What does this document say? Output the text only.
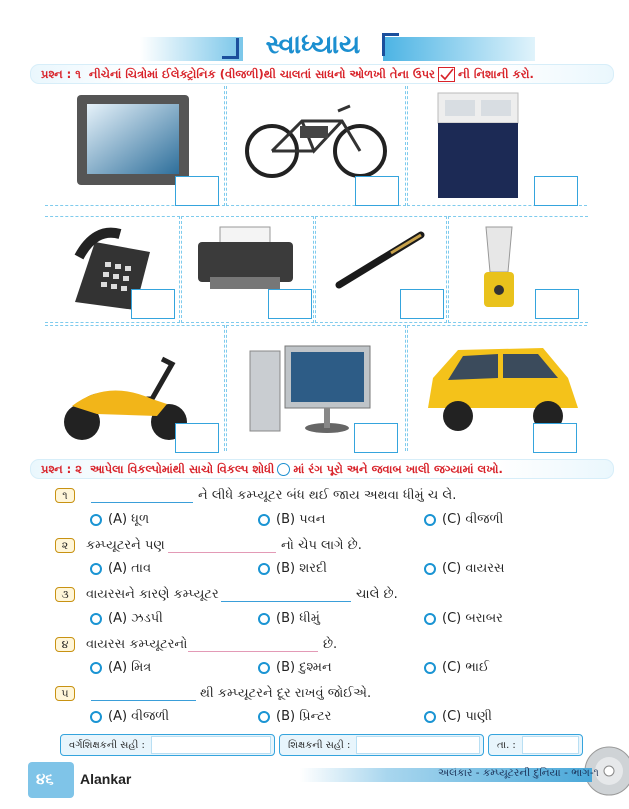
સ્વાધ્યાય
પ્રશ્ન : ૧
નીચેનાં ચિત્રોમાં ઈલેક્ટ્રોનિક (વીજળી)થી ચાલતાં સાધનો ઓળખી તેના ઉપર ની નિશાની કરો.
પ્રશ્ન : ૨
આપેલા વિકલ્પોમાંથી સાચો વિકલ્પ શોધી માં રંગ પૂરો અને જવાબ ખાલી જગ્યામાં લખો.
૧	ને લીધે કમ્પ્યૂટર બંધ થઈ જાય અથવા ધીમું ચ લે.
(A) ધૂળ	(B) પવન	(C) વીજળી
૨	કમ્પ્યૂટરને પણ	નો ચેપ લાગે છે.
(A) તાવ	(B) શરદી	(C) વાયરસ
૩	વાયરસને કારણે કમ્પ્યૂટર	ચાલે છે.
(A) ઝડપી	(B) ધીમું	(C) બરાબર
૪	વાયરસ કમ્પ્યૂટરનો	છે.
(A) મિત્ર	(B) દુશ્મન	(C) ભાઈ
૫	થી કમ્પ્યૂટરને દૂર રાખવું જોઈએ.
(A) વીજળી	(B) પ્રિન્ટર	(C) પાણી
વર્ગશિક્ષકની સહી :	શિક્ષકની સહી :	તા. :
૪૬ Alankar	અલંકાર - કમ્પ્યૂટરની દુનિયા - ભાગ-૧
